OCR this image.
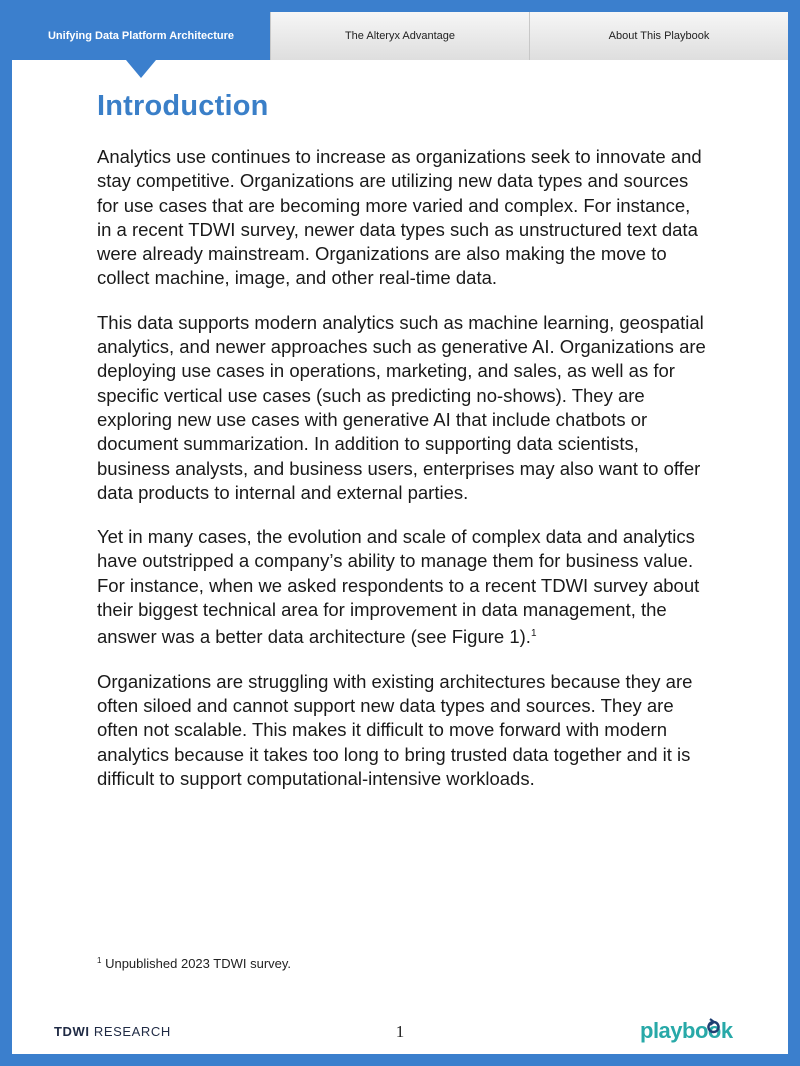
Unifying Data Platform Architecture	The Alteryx Advantage	About This Playbook
Introduction

Analytics use continues to increase as organizations seek to innovate and stay competitive. Organizations are utilizing new data types and sources for use cases that are becoming more varied and complex. For instance, in a recent TDWI survey, newer data types such as unstructured text data were already mainstream. Organizations are also making the move to collect machine, image, and other real-time data.

This data supports modern analytics such as machine learning, geospatial analytics, and newer approaches such as generative AI. Organizations are deploying use cases in operations, marketing, and sales, as well as for specific vertical use cases (such as predicting no-shows). They are exploring new use cases with generative AI that include chatbots or document summarization. In addition to supporting data scientists, business analysts, and business users, enterprises may also want to offer data products to internal and external parties.

Yet in many cases, the evolution and scale of complex data and analytics have outstripped a company’s ability to manage them for business value. For instance, when we asked respondents to a recent TDWI survey about their biggest technical area for improvement in data management, the answer was a better data architecture (see Figure 1).$^1$

Organizations are struggling with existing architectures because they are often siloed and cannot support new data types and sources. They are often not scalable. This makes it difficult to move forward with modern analytics because it takes too long to bring trusted data together and it is difficult to support computational-intensive workloads.

$^1$ Unpublished 2023 TDWI survey.
TDWI RESEARCH	1	playbook
